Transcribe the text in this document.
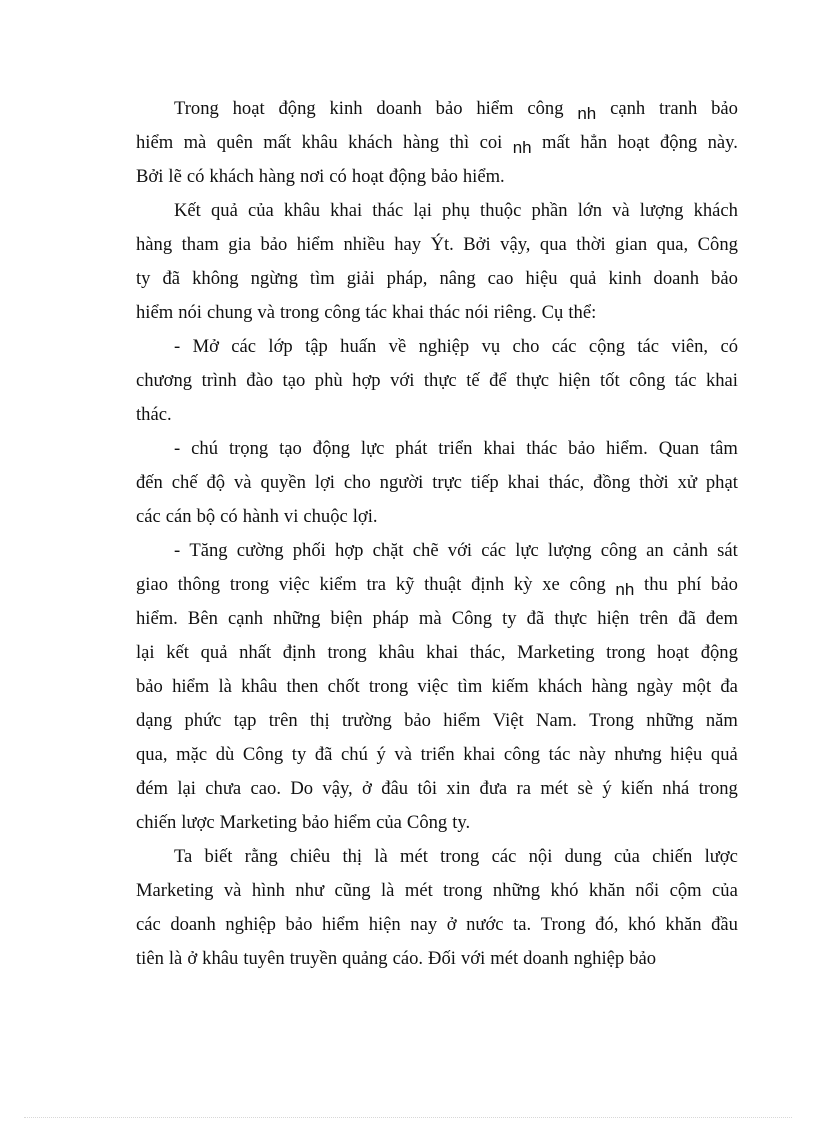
Trong hoạt động kinh doanh bảo hiểm công nh cạnh tranh bảo
hiểm mà quên mất khâu khách hàng thì coi nh mất hẳn hoạt động này.
Bởi lẽ có khách hàng nơi có hoạt động bảo hiểm.
Kết quả của khâu khai thác lại phụ thuộc phần lớn và lượng khách
hàng tham gia bảo hiểm nhiều hay Ýt. Bởi vậy, qua thời gian qua, Công
ty đã không ngừng tìm giải pháp, nâng cao hiệu quả kinh doanh bảo
hiểm nói chung và trong công tác khai thác nói riêng. Cụ thể:
- Mở các lớp tập huấn về nghiệp vụ cho các cộng tác viên, có
chương trình đào tạo phù hợp với thực tế để thực hiện tốt công tác khai
thác.
- chú trọng tạo động lực phát triển khai thác bảo hiểm. Quan tâm
đến chế độ và quyền lợi cho người trực tiếp khai thác, đồng thời xử phạt
các cán bộ có hành vi chuộc lợi.
- Tăng cường phối hợp chặt chẽ với các lực lượng công an cảnh sát
giao thông trong việc kiểm tra kỹ thuật định kỳ xe công nh thu phí bảo
hiểm. Bên cạnh những biện pháp mà Công ty đã thực hiện trên đã đem
lại kết quả nhất định trong khâu khai thác, Marketing trong hoạt động
bảo hiểm là khâu then chốt trong việc tìm kiếm khách hàng ngày một đa
dạng phức tạp trên thị trường bảo hiểm Việt Nam. Trong những năm
qua, mặc dù Công ty đã chú ý và triển khai công tác này nhưng hiệu quả
đém lại chưa cao. Do vậy, ở đâu tôi xin đưa ra mét sè ý kiến nhá trong
chiến lược Marketing bảo hiểm của Công ty.
Ta biết rằng chiêu thị là mét trong các nội dung của chiến lược
Marketing và hình như cũng là mét trong những khó khăn nổi cộm của
các doanh nghiệp bảo hiểm hiện nay ở nước ta. Trong đó, khó khăn đầu
tiên là ở khâu tuyên truyền quảng cáo. Đối với mét doanh nghiệp bảo
